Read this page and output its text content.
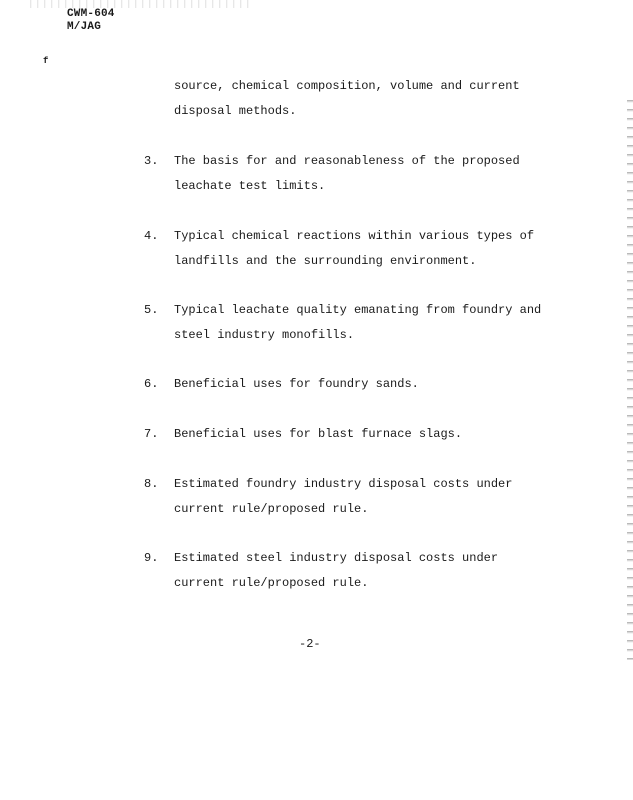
CWM-604
M/JAG
f
source, chemical composition, volume and current
disposal methods.
3. The basis for and reasonableness of the proposed
leachate test limits.
4. Typical chemical reactions within various types of
landfills and the surrounding environment.
5. Typical leachate quality emanating from foundry and
steel industry monofills.
6. Beneficial uses for foundry sands.
7. Beneficial uses for blast furnace slags.
8. Estimated foundry industry disposal costs under
current rule/proposed rule.
9. Estimated steel industry disposal costs under
current rule/proposed rule.
-2-
